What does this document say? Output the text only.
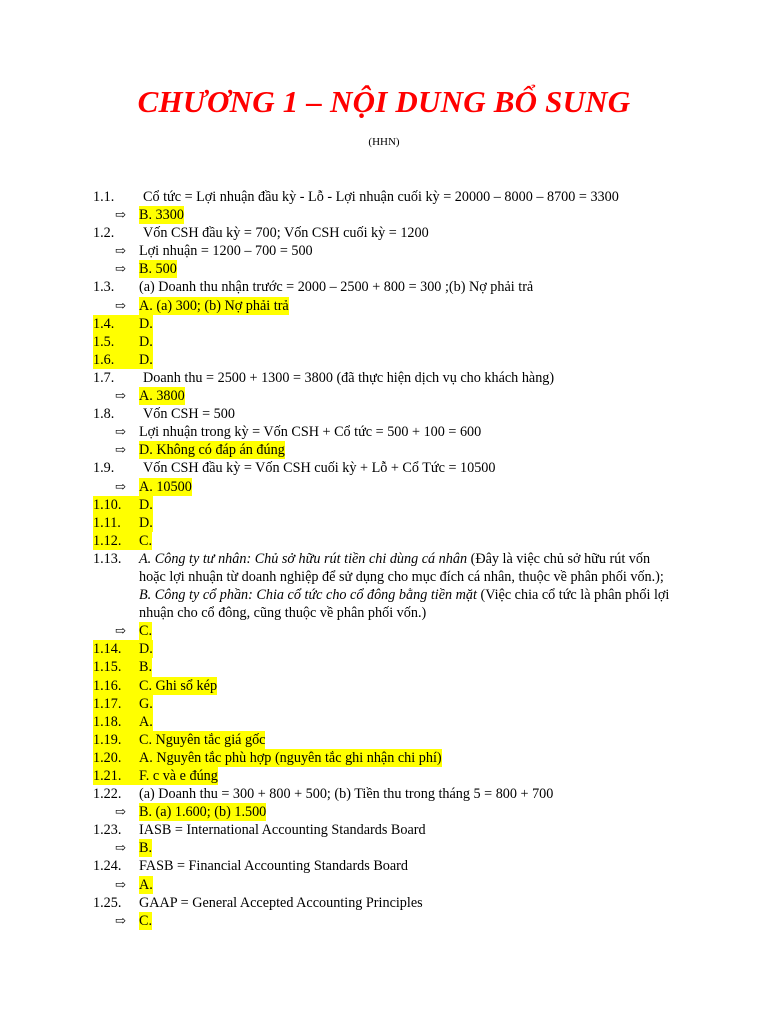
CHƯƠNG 1 – NỘI DUNG BỔ SUNG
(HHN)
1.1.	Cổ tức = Lợi nhuận đầu kỳ - Lỗ - Lợi nhuận cuối kỳ = 20000 – 8000 – 8700 = 3300
⇨ B. 3300
1.2.	Vốn CSH đầu kỳ = 700; Vốn CSH cuối kỳ = 1200
⇨ Lợi nhuận = 1200 – 700 = 500
⇨ B. 500
1.3.	(a) Doanh thu nhận trước = 2000 – 2500 + 800 = 300 ;(b) Nợ phải trả
⇨ A. (a) 300; (b) Nợ phải trả
1.4.	D.
1.5.	D.
1.6.	D.
1.7.	Doanh thu = 2500 + 1300 = 3800 (đã thực hiện dịch vụ cho khách hàng)
⇨ A. 3800
1.8.	Vốn CSH = 500
⇨ Lợi nhuận trong kỳ = Vốn CSH + Cổ tức = 500 + 100 = 600
⇨ D. Không có đáp án đúng
1.9.	Vốn CSH đầu kỳ = Vốn CSH cuối kỳ + Lỗ + Cổ Tức = 10500
⇨ A. 10500
1.10.	D.
1.11.	D.
1.12.	C.
1.13.	A. Công ty tư nhân: Chủ sở hữu rút tiền chi dùng cá nhân (Đây là việc chủ sở hữu rút vốn hoặc lợi nhuận từ doanh nghiệp để sử dụng cho mục đích cá nhân, thuộc về phân phối vốn.); B. Công ty cổ phần: Chia cổ tức cho cổ đông bằng tiền mặt (Việc chia cổ tức là phân phối lợi nhuận cho cổ đông, cũng thuộc về phân phối vốn.)
⇨ C.
1.14.	D.
1.15.	B.
1.16.	C. Ghi sổ kép
1.17.	G.
1.18.	A.
1.19.	C. Nguyên tắc giá gốc
1.20.	A. Nguyên tắc phù hợp (nguyên tắc ghi nhận chi phí)
1.21.	F. c và e đúng
1.22.	(a) Doanh thu = 300 + 800 + 500; (b) Tiền thu trong tháng 5 = 800 + 700
⇨ B. (a) 1.600; (b) 1.500
1.23.	IASB = International Accounting Standards Board
⇨ B.
1.24.	FASB = Financial Accounting Standards Board
⇨ A.
1.25.	GAAP = General Accepted Accounting Principles
⇨ C.
